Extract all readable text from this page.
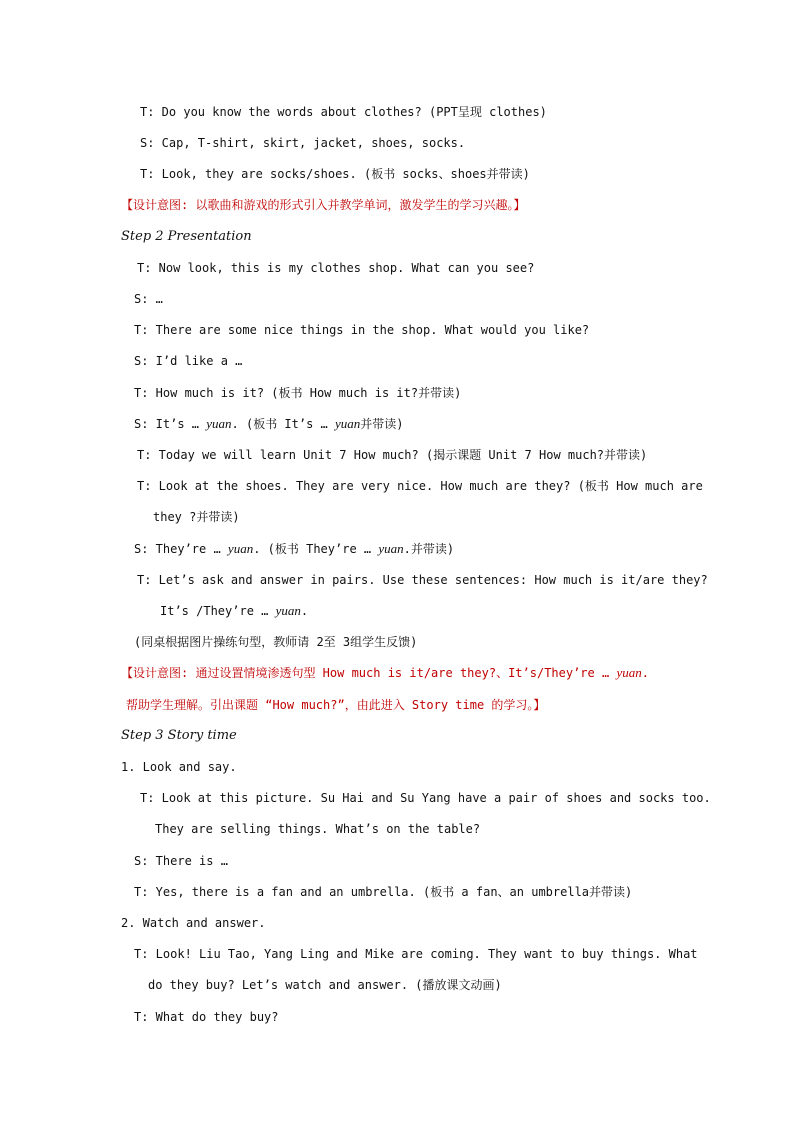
T: Do you know the words about clothes? (PPT呈现 clothes)
S: Cap, T-shirt, skirt, jacket, shoes, socks.
T: Look, they are socks/shoes. (板书 socks、shoes并带读)
【设计意图: 以歌曲和游戏的形式引入并教学单词，激发学生的学习兴趣。】
Step 2 Presentation
T: Now look, this is my clothes shop. What can you see?
S: …
T: There are some nice things in the shop. What would you like?
S: I’d like a …
T: How much is it? (板书 How much is it?并带读)
S: It’s … yuan. (板书 It’s … yuan并带读)
T: Today we will learn Unit 7 How much? (揭示课题 Unit 7 How much?并带读)
T: Look at the shoes. They are very nice. How much are they? (板书 How much are
they ?并带读)
S: They’re … yuan. (板书 They’re … yuan.并带读)
T: Let’s ask and answer in pairs. Use these sentences: How much is it/are they?
It’s /They’re … yuan.
(同桌根据图片操练句型，教师请 2至 3组学生反馈)
【设计意图: 通过设置情境渗透句型 How much is it/are they?、It’s/They’re … yuan.
帮助学生理解。引出课题 “How much?”，由此进入 Story time 的学习。】
Step 3 Story time
1. Look and say.
T: Look at this picture. Su Hai and Su Yang have a pair of shoes and socks too.
They are selling things. What’s on the table?
S: There is …
T: Yes, there is a fan and an umbrella. (板书 a fan、an umbrella并带读)
2. Watch and answer.
T: Look! Liu Tao, Yang Ling and Mike are coming. They want to buy things. What
do they buy? Let’s watch and answer. (播放课文动画)
T: What do they buy?
